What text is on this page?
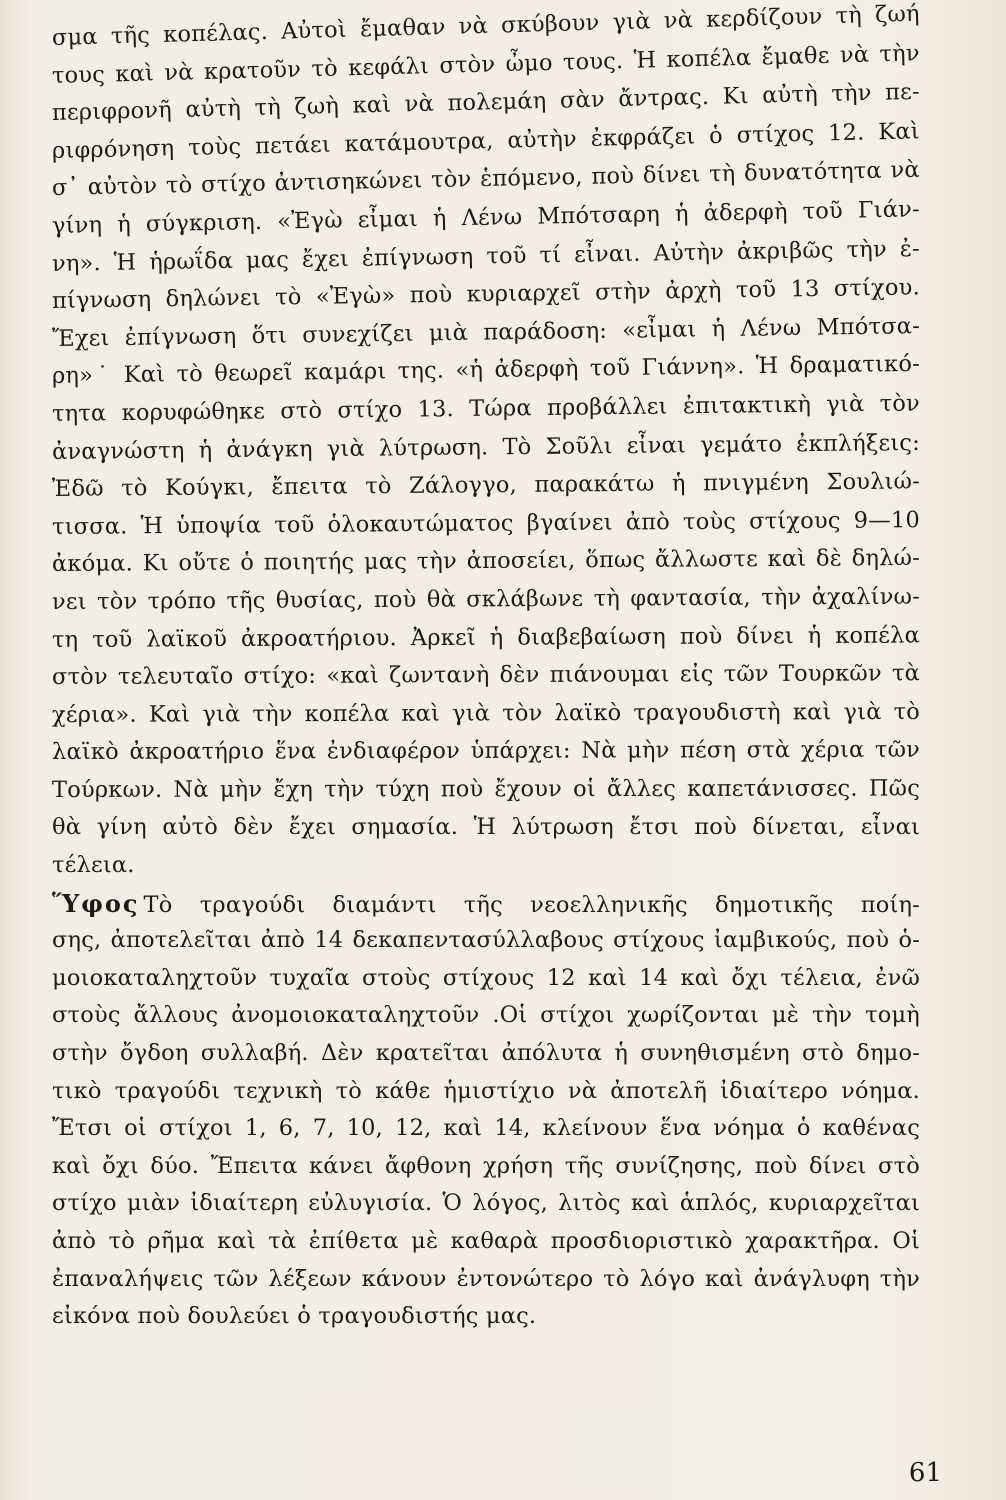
σμα τῆς κοπέλας. Αὐτοὶ ἔμαθαν νὰ σκύβουν γιὰ νὰ κερδίζουν τὴ ζωή
τους καὶ νὰ κρατοῦν τὸ κεφάλι στὸν ὦμο τους. Ἡ κοπέλα ἔμαθε νὰ τὴν
περιφρονῆ αὐτὴ τὴ ζωὴ καὶ νὰ πολεμάη σὰν ἄντρας. Κι αὐτὴ τὴν πε-
ριφρόνηση τοὺς πετάει κατάμουτρα, αὐτὴν ἐκφράζει ὁ στίχος 12. Καὶ
σ᾽ αὐτὸν τὸ στίχο ἀντισηκώνει τὸν ἑπόμενο, ποὺ δίνει τὴ δυνατότητα νὰ
γίνη ἡ σύγκριση. «Ἐγὼ εἶμαι ἡ Λένω Μπότσαρη ἡ ἀδερφὴ τοῦ Γιάν-
νη». Ἡ ἡρωΐδα μας ἔχει ἐπίγνωση τοῦ τί εἶναι. Αὐτὴν ἀκριβῶς τὴν ἐ-
πίγνωση δηλώνει τὸ «Ἐγὼ» ποὺ κυριαρχεῖ στὴν ἀρχὴ τοῦ 13 στίχου.
Ἔχει ἐπίγνωση ὅτι συνεχίζει μιὰ παράδοση: «εἶμαι ἡ Λένω Μπότσα-
ρη»˙ Καὶ τὸ θεωρεῖ καμάρι της. «ἡ ἀδερφὴ τοῦ Γιάννη». Ἡ δραματικό-
τητα κορυφώθηκε στὸ στίχο 13. Τώρα προβάλλει ἐπιτακτικὴ γιὰ τὸν
ἀναγνώστη ἡ ἀνάγκη γιὰ λύτρωση. Τὸ Σοῦλι εἶναι γεμάτο ἐκπλήξεις:
Ἐδῶ τὸ Κούγκι, ἔπειτα τὸ Ζάλογγο, παρακάτω ἡ πνιγμένη Σουλιώ-
τισσα. Ἡ ὑποψία τοῦ ὁλοκαυτώματος βγαίνει ἀπὸ τοὺς στίχους 9—10
ἀκόμα. Κι οὔτε ὁ ποιητής μας τὴν ἀποσείει, ὅπως ἄλλωστε καὶ δὲ δηλώ-
νει τὸν τρόπο τῆς θυσίας, ποὺ θὰ σκλάβωνε τὴ φαντασία, τὴν ἀχαλίνω-
τη τοῦ λαϊκοῦ ἀκροατήριου. Ἀρκεῖ ἡ διαβεβαίωση ποὺ δίνει ἡ κοπέλα
στὸν τελευταῖο στίχο: «καὶ ζωντανὴ δὲν πιάνουμαι εἰς τῶν Τουρκῶν τὰ
χέρια». Καὶ γιὰ τὴν κοπέλα καὶ γιὰ τὸν λαϊκὸ τραγουδιστὴ καὶ γιὰ τὸ
λαϊκὸ ἀκροατήριο ἕνα ἐνδιαφέρον ὑπάρχει: Νὰ μὴν πέση στὰ χέρια τῶν
Τούρκων. Νὰ μὴν ἔχη τὴν τύχη ποὺ ἔχουν οἱ ἄλλες καπετάνισσες. Πῶς
θὰ γίνη αὐτὸ δὲν ἔχει σημασία. Ἡ λύτρωση ἔτσι ποὺ δίνεται, εἶναι
τέλεια.
Ὕφος Τὸ τραγούδι διαμάντι τῆς νεοελληνικῆς δημοτικῆς ποίη-
σης, ἀποτελεῖται ἀπὸ 14 δεκαπεντασύλλαβους στίχους ἰαμβικούς, ποὺ ὁ-
μοιοκαταληχτοῦν τυχαῖα στοὺς στίχους 12 καὶ 14 καὶ ὄχι τέλεια, ἐνῶ
στοὺς ἄλλους ἀνομοιοκαταληχτοῦν .Οἱ στίχοι χωρίζονται μὲ τὴν τομὴ
στὴν ὄγδοη συλλαβή. Δὲν κρατεῖται ἀπόλυτα ἡ συνηθισμένη στὸ δημο-
τικὸ τραγούδι τεχνικὴ τὸ κάθε ἡμιστίχιο νὰ ἀποτελῆ ἰδιαίτερο νόημα.
Ἔτσι οἱ στίχοι 1, 6, 7, 10, 12, καὶ 14, κλείνουν ἕνα νόημα ὁ καθένας
καὶ ὄχι δύο. Ἔπειτα κάνει ἄφθονη χρήση τῆς συνίζησης, ποὺ δίνει στὸ
στίχο μιὰν ἰδιαίτερη εὐλυγισία. Ὁ λόγος, λιτὸς καὶ ἁπλός, κυριαρχεῖται
ἀπὸ τὸ ρῆμα καὶ τὰ ἐπίθετα μὲ καθαρὰ προσδιοριστικὸ χαρακτῆρα. Οἱ
ἐπαναλήψεις τῶν λέξεων κάνουν ἐντονώτερο τὸ λόγο καὶ ἀνάγλυφη τὴν
εἰκόνα ποὺ δουλεύει ὁ τραγουδιστής μας.
61
